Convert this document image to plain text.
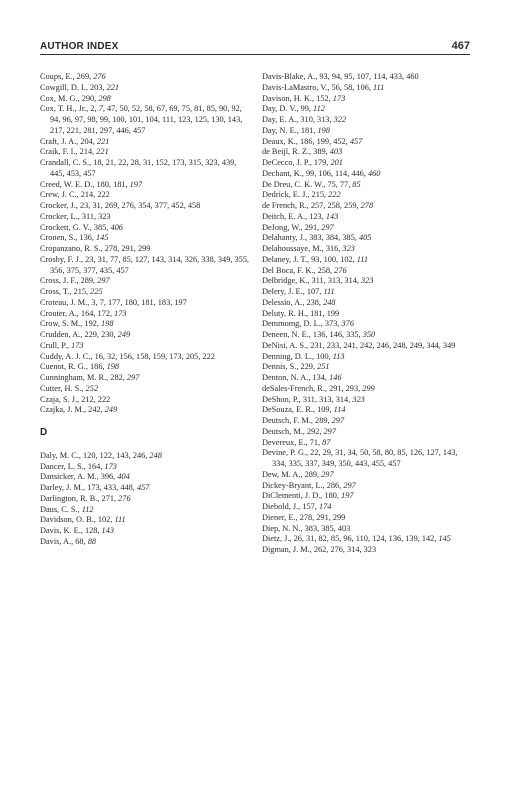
AUTHOR INDEX	467
Coups, E., 269, 276
Cowgill, D. I., 203, 221
Cox, M. G., 290, 298
Cox, T. H., Jr., 2, 7, 47, 50, 52, 58, 67, 69, 75, 81, 85, 90, 92, 94, 96, 97, 98, 99, 100, 101, 104, 111, 123, 125, 130, 143, 217, 221, 281, 297, 446, 457
Craft, J. A., 204, 221
Craik, F. I., 214, 221
Crandall, C. S., 18, 21, 22, 28, 31, 152, 173, 315, 323, 439, 445, 453, 457
Creed, W. E. D., 180, 181, 197
Crew, J. C., 214, 222
Crocker, J., 23, 31, 269, 276, 354, 377, 452, 458
Crocker, L., 311, 323
Crockett, G. V., 385, 406
Cronen, S., 136, 145
Cropanzano, R. S., 278, 291, 299
Crosby, F. J., 23, 31, 77, 85, 127, 143, 314, 326, 338, 349, 355, 356, 375, 377, 435, 457
Cross, J. F., 289, 297
Cross, T., 215, 225
Croteau, J. M., 3, 7, 177, 180, 181, 183, 197
Crouter, A., 164, 172, 173
Crow, S. M., 192, 198
Crudden, A., 229, 230, 249
Crull, P., 173
Cuddy, A. J. C., 16, 32, 156, 158, 159, 173, 205, 222
Cuenot, R. G., 186, 198
Cunningham, M. R., 282, 297
Cutter, H. S., 252
Czaja, S. J., 212, 222
Czajka, J. M., 242, 249
D
Daly, M. C., 120, 122, 143, 246, 248
Dancer, L. S., 164, 173
Dansicker, A. M., 396, 404
Darley, J. M., 173, 433, 448, 457
Darlington, R. B., 271, 276
Daus, C. S., 112
Davidson, O. B., 102, 111
Davis, K. E., 128, 143
Davis, A., 68, 88
Davis-Blake, A., 93, 94, 95, 107, 114, 433, 460
Davis-LaMastro, V., 56, 58, 106, 111
Davison, H. K., 152, 173
Day, D. V., 99, 112
Day, E. A., 310, 313, 322
Day, N. E., 181, 198
Deaux, K., 186, 199, 452, 457
de Beijl, R. Z., 389, 403
DeCecco, J. P., 179, 201
Dechant, K., 99, 106, 114, 446, 460
De Dreu, C. K. W., 75, 77, 85
Dedrick, E. J., 215, 222
de French, R., 257, 258, 259, 278
Deitch, E. A., 123, 143
DeJong, W., 291, 297
Delahanty, J., 383, 384, 385, 405
Delahoussaye, M., 316, 323
Delaney, J. T., 93, 100, 102, 111
Del Boca, F. K., 258, 276
Delbridge, K., 311, 313, 314, 323
Delery, J. E., 107, 111
Delessio, A., 238, 248
Deluty, R. H., 181, 199
Demmomg, D. L., 373, 376
Deneen, N. E., 136, 146, 335, 350
DeNisi, A. S., 231, 233, 241, 242, 246, 248, 249, 344, 349
Denning, D. L., 100, 113
Dennis, S., 229, 251
Denton, N. A., 134, 146
deSales-French, R., 291, 293, 299
DeShon, P., 311, 313, 314, 323
DeSouza, E. R., 109, 114
Deutsch, F. M., 289, 297
Deutsch, M., 292, 297
Devereux, E., 71, 87
Devine, P. G., 22, 29, 31, 34, 50, 58, 80, 85, 126, 127, 143, 334, 335, 337, 349, 350, 443, 455, 457
Dew, M. A., 289, 297
Dickey-Bryant, L., 286, 297
DiClementi, J. D., 180, 197
Diebold, J., 157, 174
Diener, E., 278, 291, 299
Diep, N. N., 383, 385, 403
Dietz, J., 26, 31, 82, 85, 96, 110, 124, 136, 139, 142, 145
Digman, J. M., 262, 276, 314, 323
